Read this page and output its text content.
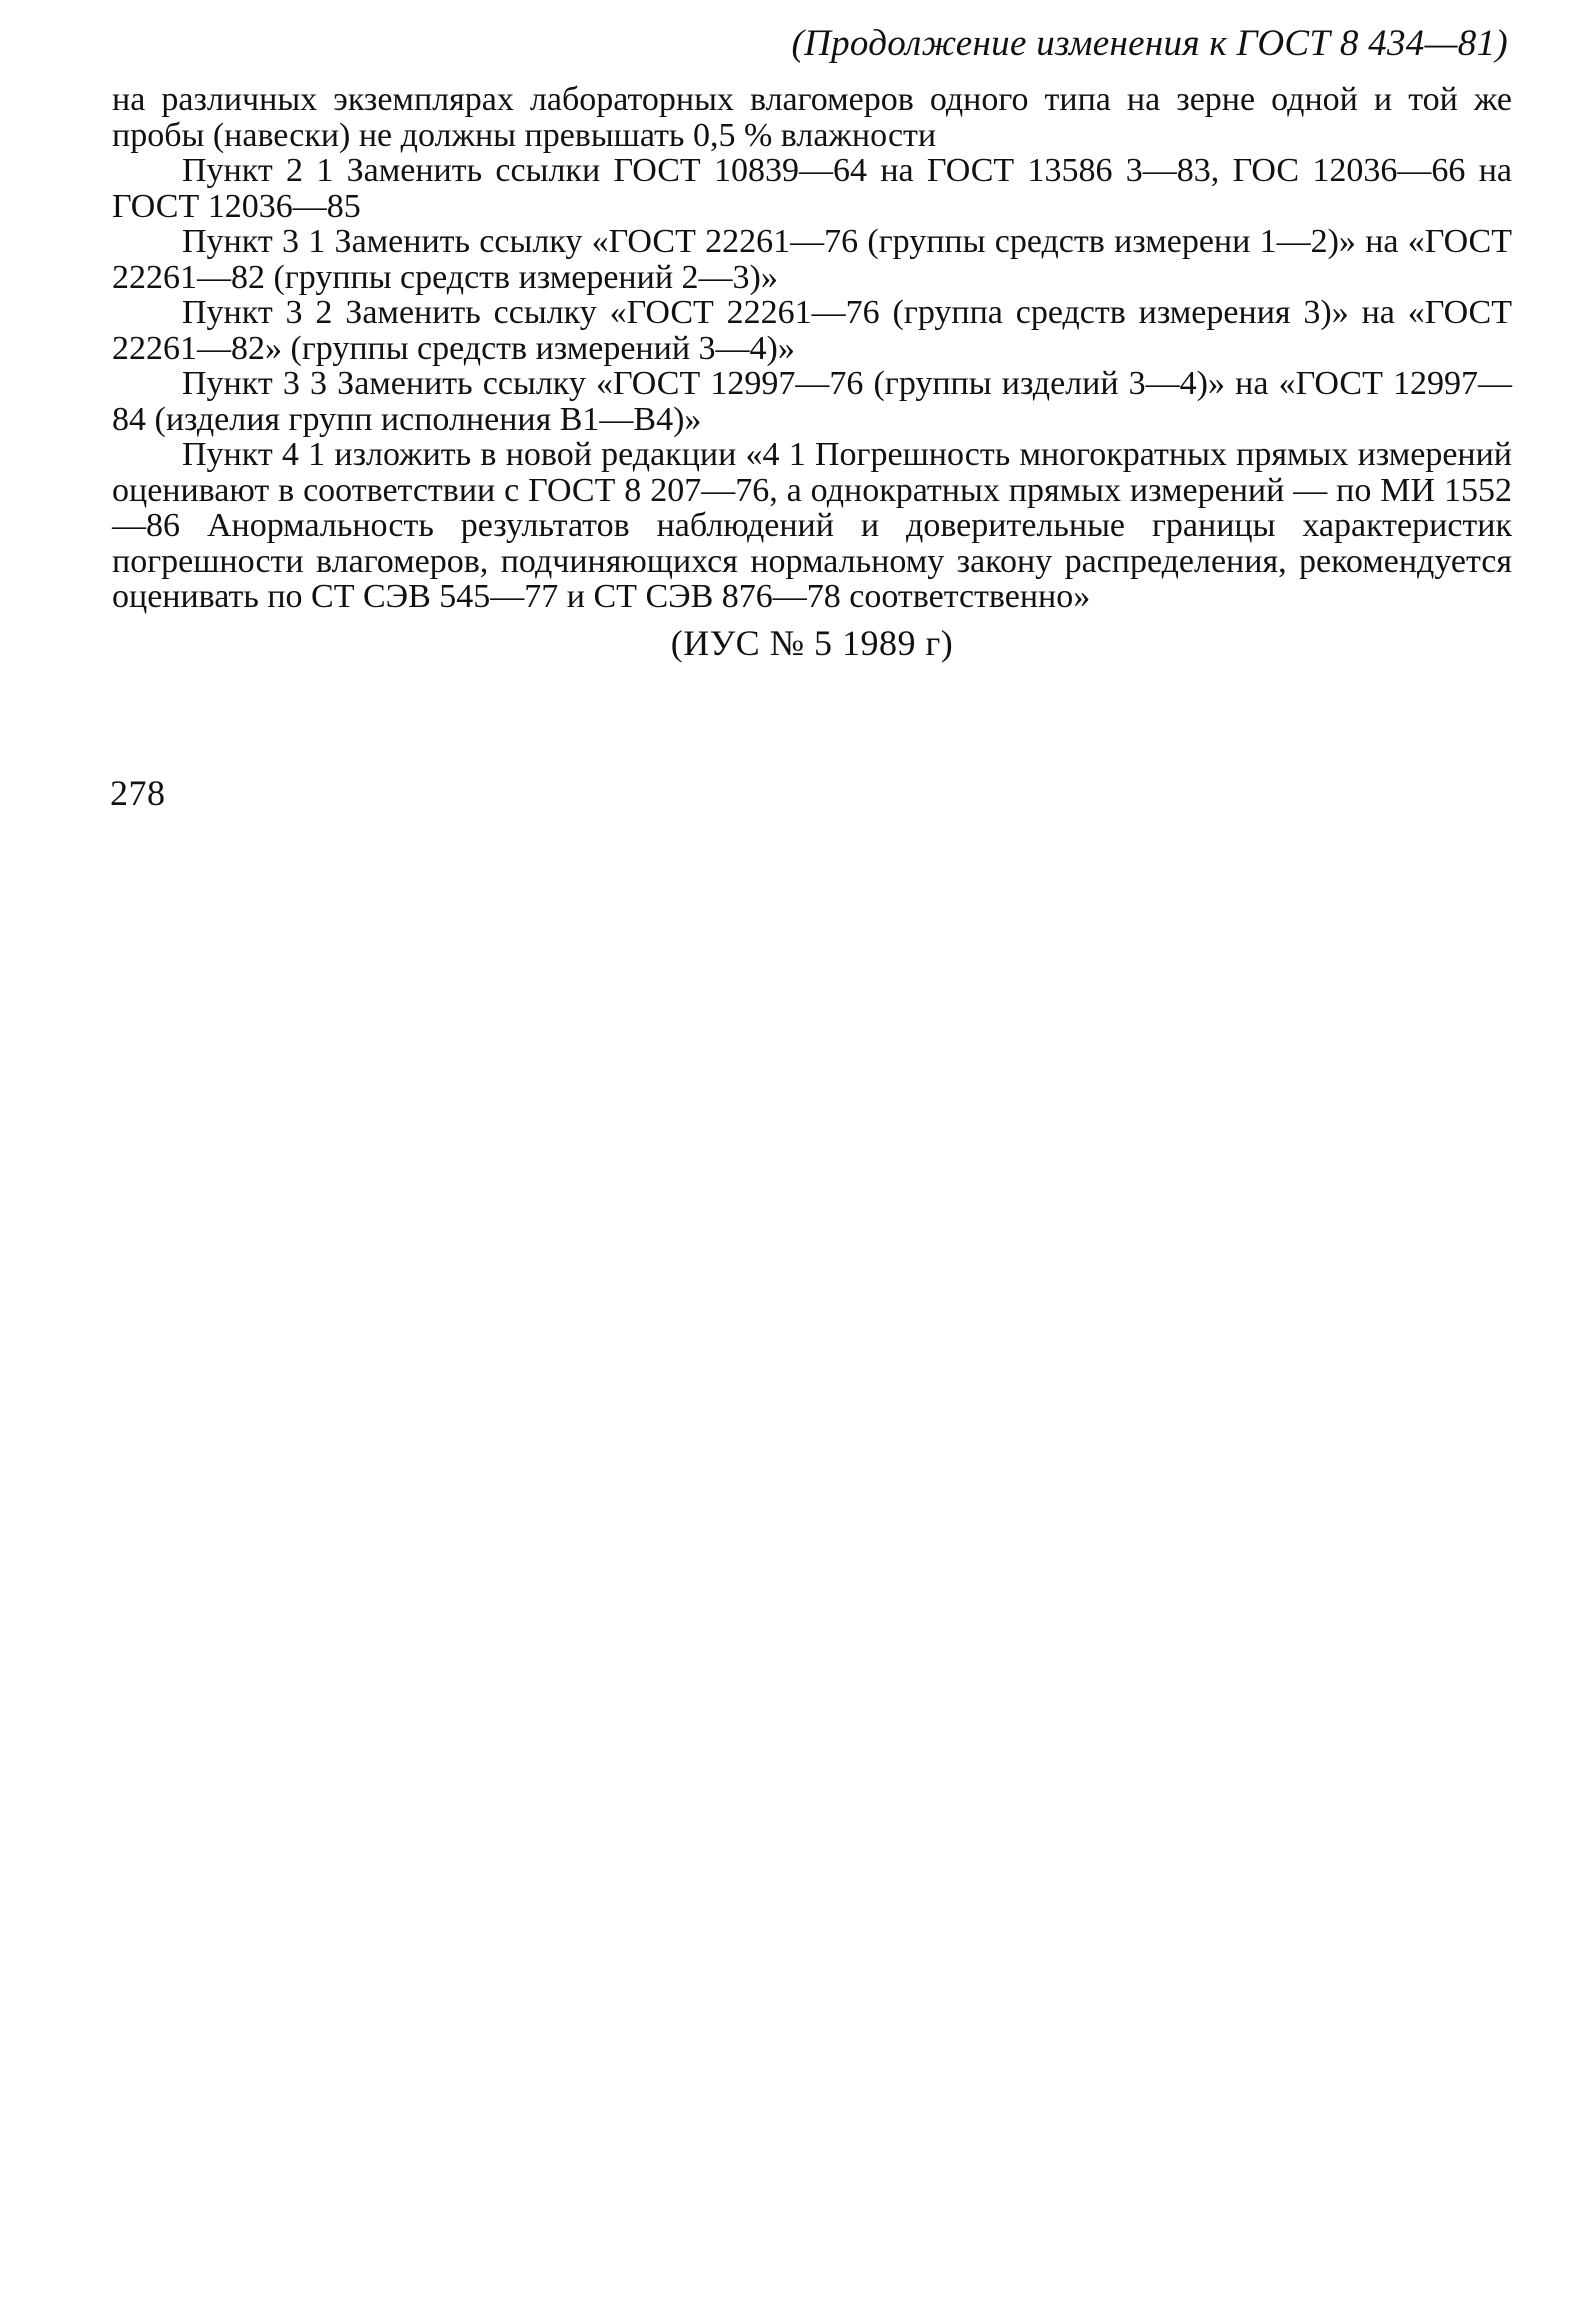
(Продолжение изменения к ГОСТ 8 434—81)

на различных экземплярах лабораторных влагомеров одного типа на зерне одной и той же пробы (навески) не должны превышать 0,5 % влажности

Пункт 2 1 Заменить ссылки ГОСТ 10839—64 на ГОСТ 13586 3—83, ГОС 12036—66 на ГОСТ 12036—85

Пункт 3 1 Заменить ссылку «ГОСТ 22261—76 (группы средств измерени 1—2)» на «ГОСТ 22261—82 (группы средств измерений 2—3)»

Пункт 3 2 Заменить ссылку «ГОСТ 22261—76 (группа средств измерения 3)» на «ГОСТ 22261—82» (группы средств измерений 3—4)»

Пункт 3 3 Заменить ссылку «ГОСТ 12997—76 (группы изделий 3—4)» на «ГОСТ 12997—84 (изделия групп исполнения В1—В4)»

Пункт 4 1 изложить в новой редакции «4 1 Погрешность многократных прямых измерений оценивают в соответствии с ГОСТ 8 207—76, а однократных прямых измерений — по МИ 1552—86 Анормальность результатов наблюдений и доверительные границы характеристик погрешности влагомеров, подчиняющихся нормальному закону распределения, рекомендуется оценивать по СТ СЭВ 545—77 и СТ СЭВ 876—78 соответственно»

(ИУС № 5 1989 г)

278
